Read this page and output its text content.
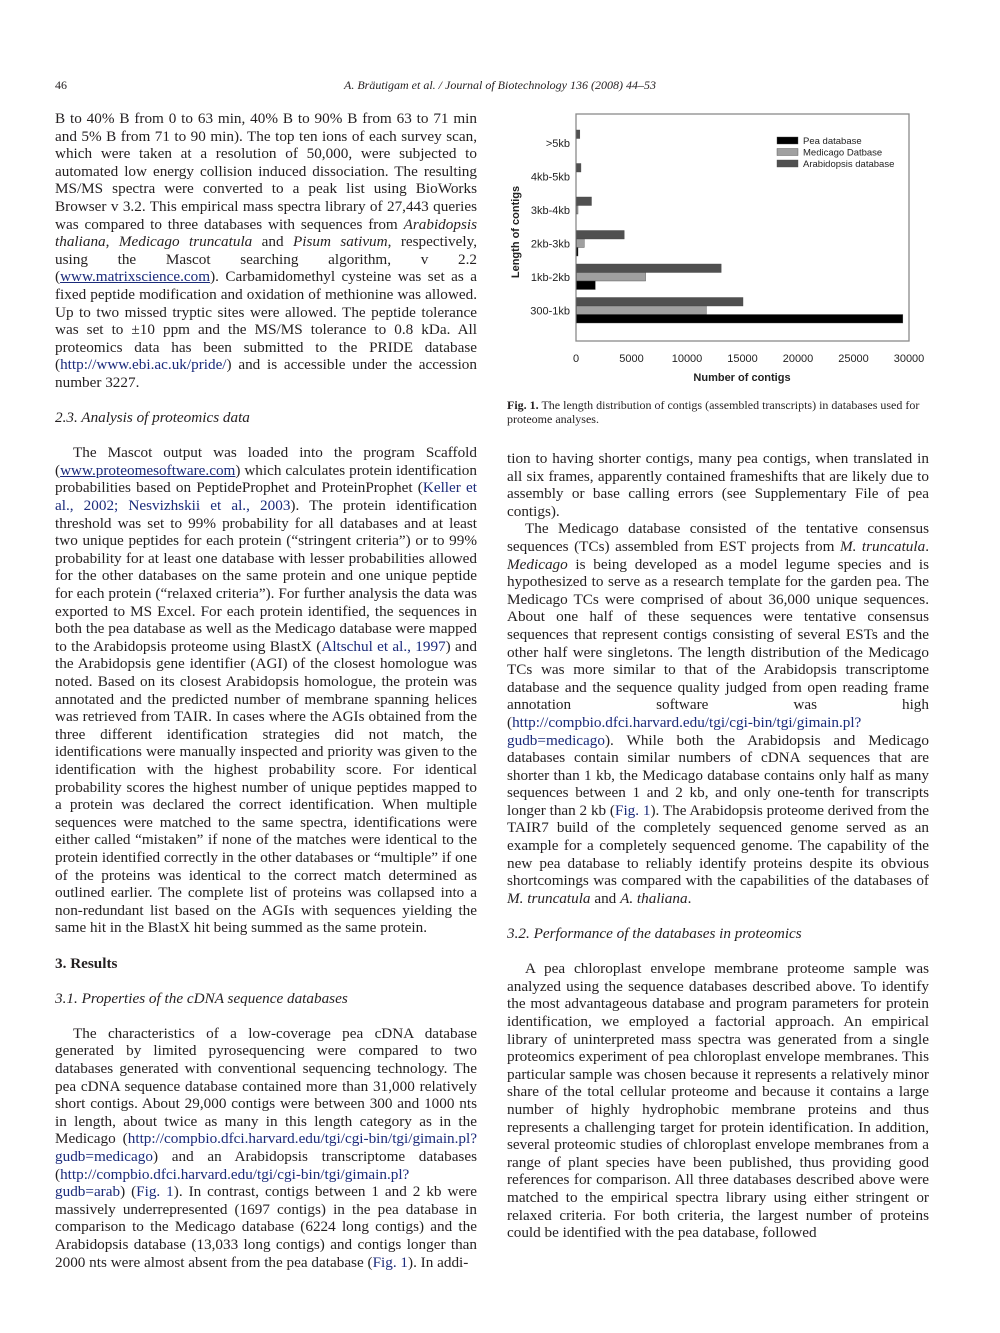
46	A. Bräutigam et al. / Journal of Biotechnology 136 (2008) 44–53

B to 40% B from 0 to 63 min, 40% B to 90% B from 63 to 71 min and 5% B from 71 to 90 min). The top ten ions of each survey scan, which were taken at a resolution of 50,000, were subjected to automated low energy collision induced dissociation. The resulting MS/MS spectra were converted to a peak list using BioWorks Browser v 3.2. This empirical mass spectra library of 27,443 queries was compared to three databases with sequences from Arabidopsis thaliana, Medicago truncatula and Pisum sativum, respectively, using the Mascot searching algorithm, v 2.2 (www.matrixscience.com). Carbamidomethyl cysteine was set as a fixed peptide modification and oxidation of methionine was allowed. Up to two missed tryptic sites were allowed. The peptide tolerance was set to ±10 ppm and the MS/MS tolerance to 0.8 kDa. All proteomics data has been submitted to the PRIDE database (http://www.ebi.ac.uk/pride/) and is accessible under the accession number 3227.

2.3. Analysis of proteomics data

The Mascot output was loaded into the program Scaffold (www.proteomesoftware.com) which calculates protein identification probabilities based on PeptideProphet and ProteinProphet (Keller et al., 2002; Nesvizhskii et al., 2003). The protein identification threshold was set to 99% probability for all databases and at least two unique peptides for each protein (“stringent criteria”) or to 99% probability for at least one database with lesser probabilities allowed for the other databases on the same protein and one unique peptide for each protein (“relaxed criteria”). For further analysis the data was exported to MS Excel. For each protein identified, the sequences in both the pea database as well as the Medicago database were mapped to the Arabidopsis proteome using BlastX (Altschul et al., 1997) and the Arabidopsis gene identifier (AGI) of the closest homologue was noted. Based on its closest Arabidopsis homologue, the protein was annotated and the predicted number of membrane spanning helices was retrieved from TAIR. In cases where the AGIs obtained from the three different identification strategies did not match, the identifications were manually inspected and priority was given to the identification with the highest probability score. For identical probability scores the highest number of unique peptides mapped to a protein was declared the correct identification. When multiple sequences were matched to the same spectra, identifications were either called “mistaken” if none of the matches were identical to the protein identified correctly in the other databases or “multiple” if one of the proteins was identical to the correct match determined as outlined earlier. The complete list of proteins was collapsed into a non-redundant list based on the AGIs with sequences yielding the same hit in the BlastX hit being summed as the same protein.

3. Results

3.1. Properties of the cDNA sequence databases

The characteristics of a low-coverage pea cDNA database generated by limited pyrosequencing were compared to two databases generated with conventional sequencing technology. The pea cDNA sequence database contained more than 31,000 relatively short contigs. About 29,000 contigs were between 300 and 1000 nts in length, about twice as many in this length category as in the Medicago (http://compbio.dfci.harvard.edu/tgi/cgi-bin/tgi/gimain.pl?gudb=medicago) and an Arabidopsis transcriptome databases (http://compbio.dfci.harvard.edu/tgi/cgi-bin/tgi/gimain.pl?gudb=arab) (Fig. 1). In contrast, contigs between 1 and 2 kb were massively underrepresented (1697 contigs) in the pea database in comparison to the Medicago database (6224 long contigs) and the Arabidopsis database (13,033 long contigs) and contigs longer than 2000 nts were almost absent from the pea database (Fig. 1). In addi-

>5kb
4kb-5kb
3kb-4kb
2kb-3kb
1kb-2kb
300-1kb
0	5000	10000 15000 20000 25000 30000
Number of contigs
Length of contigs
Pea database
Medicago Datbase
Arabidopsis database
Fig. 1. The length distribution of contigs (assembled transcripts) in databases used for proteome analyses.

tion to having shorter contigs, many pea contigs, when translated in all six frames, apparently contained frameshifts that are likely due to assembly or base calling errors (see Supplementary File of pea contigs).

The Medicago database consisted of the tentative consensus sequences (TCs) assembled from EST projects from M. truncatula. Medicago is being developed as a model legume species and is hypothesized to serve as a research template for the garden pea. The Medicago TCs were comprised of about 36,000 unique sequences. About one half of these sequences were tentative consensus sequences that represent contigs consisting of several ESTs and the other half were singletons. The length distribution of the Medicago TCs was more similar to that of the Arabidopsis transcriptome database and the sequence quality judged from open reading frame annotation software was high (http://compbio.dfci.harvard.edu/tgi/cgi-bin/tgi/gimain.pl?gudb=medicago). While both the Arabidopsis and Medicago databases contain similar numbers of cDNA sequences that are shorter than 1 kb, the Medicago database contains only half as many sequences between 1 and 2 kb, and only one-tenth for transcripts longer than 2 kb (Fig. 1). The Arabidopsis proteome derived from the TAIR7 build of the completely sequenced genome served as an example for a completely sequenced genome. The capability of the new pea database to reliably identify proteins despite its obvious shortcomings was compared with the capabilities of the databases of M. truncatula and A. thaliana.

3.2. Performance of the databases in proteomics

A pea chloroplast envelope membrane proteome sample was analyzed using the sequence databases described above. To identify the most advantageous database and program parameters for protein identification, we employed a factorial approach. An empirical library of uninterpreted mass spectra was generated from a single proteomics experiment of pea chloroplast envelope membranes. This particular sample was chosen because it represents a relatively minor share of the total cellular proteome and because it contains a large number of highly hydrophobic membrane proteins and thus represents a challenging target for protein identification. In addition, several proteomic studies of chloroplast envelope membranes from a range of plant species have been published, thus providing good references for comparison. All three databases described above were matched to the empirical spectra library using either stringent or relaxed criteria. For both criteria, the largest number of proteins could be identified with the pea database, followed
